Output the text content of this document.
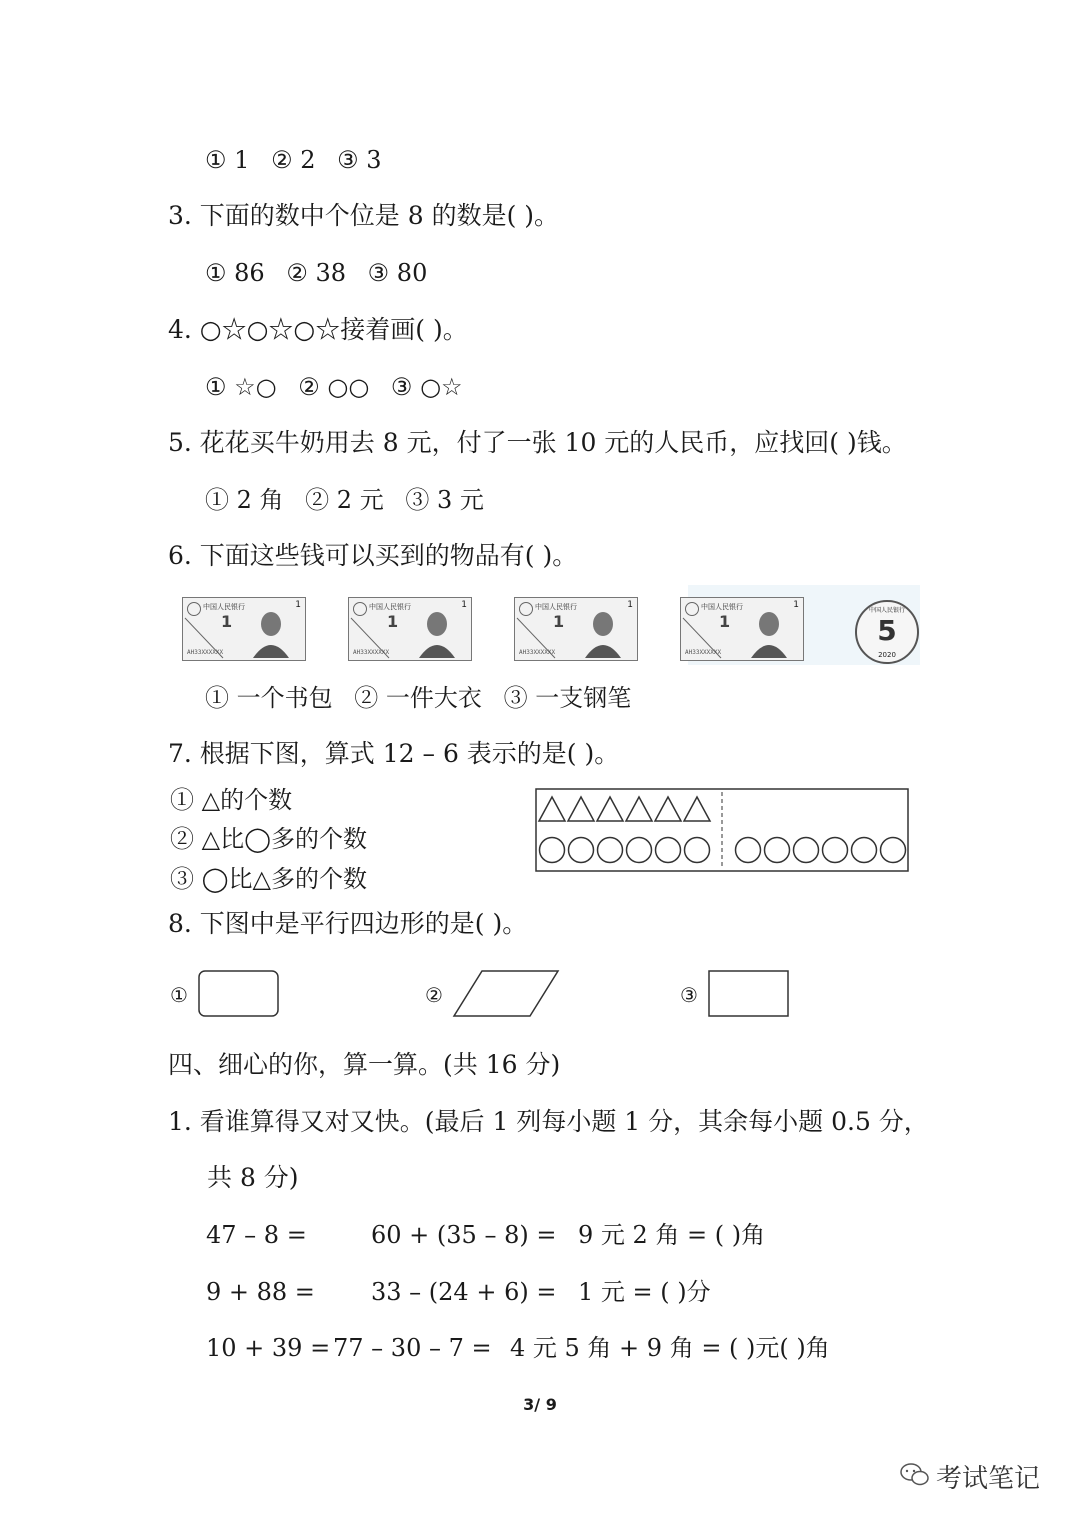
① 1 ② 2 ③ 3
3. 下面的数中个位是 8 的数是( )。
① 86 ② 38 ③ 80
4. ○☆○☆○☆接着画( )。
① ☆○ ② ○○ ③ ○☆
5. 花花买牛奶用去 8 元，付了一张 10 元的人民币，应找回( )钱。
① 2 角 ② 2 元 ③ 3 元
6. 下面这些钱可以买到的物品有( )。
中国人民银行
1
1
AH33XXXXXX
中国人民银行
1
1
AH33XXXXXX
中国人民银行
1
1
AH33XXXXXX
中国人民银行
1
1
AH33XXXXXX
中国人民银行
5
2020
① 一个书包 ② 一件大衣 ③ 一支钢笔
7. 根据下图，算式 12 – 6 表示的是( )。
① △的个数
② △比◯多的个数
③ ◯比△多的个数
8. 下图中是平行四边形的是( )。
①	②	③
四、细心的你，算一算。(共 16 分)
1. 看谁算得又对又快。(最后 1 列每小题 1 分，其余每小题 0.5 分，
共 8 分)
47 – 8 =	60 + (35 – 8) = 9 元 2 角 = ( )角
9 + 88 = 33 – (24 + 6) = 1 元 = ( )分
10 + 39 = 77 – 30 – 7 = 4 元 5 角 + 9 角 = ( )元( )角
3/ 9
考试笔记
